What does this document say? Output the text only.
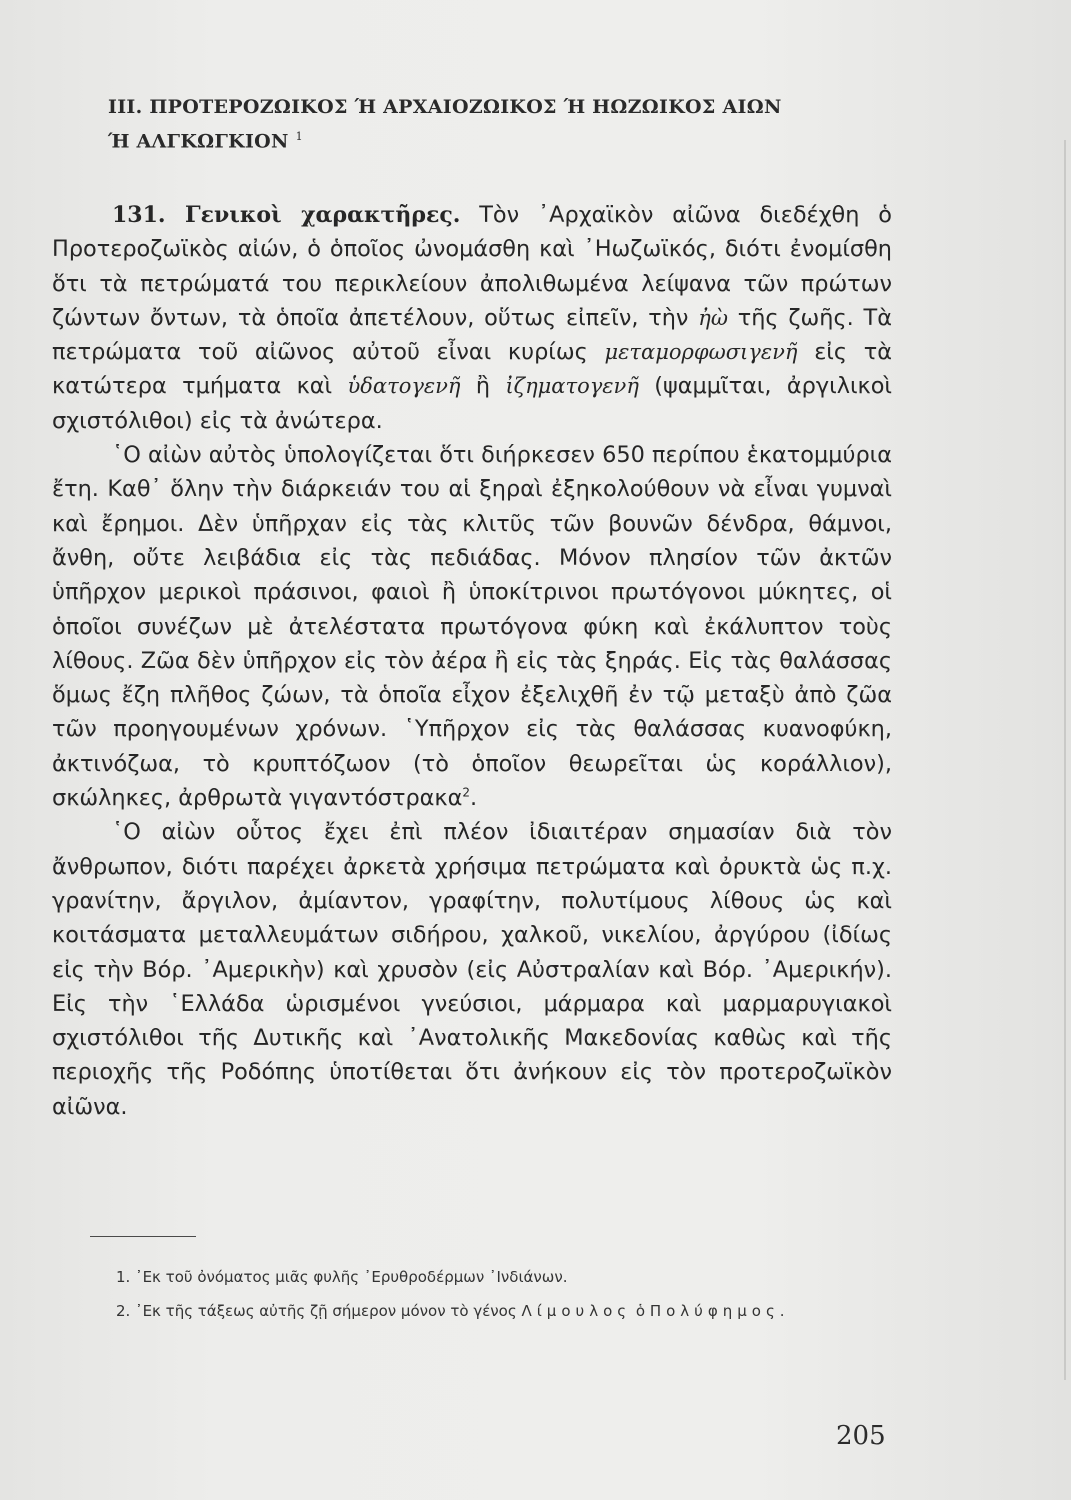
III. ΠΡΟΤΕΡΟΖΩΙΚΟΣ Ή ΑΡΧΑΙΟΖΩΙΚΟΣ Ή ΗΩΖΩΙΚΟΣ ΑΙΩΝ
Ή ΑΛΓΚΩΓΚΙΟΝ $^1$

131. Γενικοὶ χαρακτῆρες. Τὸν ᾽Αρχαϊκὸν αἰῶνα διεδέχθη ὁ Προτεροζωϊκὸς αἰών, ὁ ὁποῖος ὠνομάσθη καὶ ᾽Ηωζωϊκός, διότι ἐνομίσθη ὅτι τὰ πετρώματά του περικλείουν ἀπολιθωμένα λείψανα τῶν πρώτων ζώντων ὄντων, τὰ ὁποῖα ἀπετέλουν, οὕτως εἰπεῖν, τὴν ἠὼ τῆς ζωῆς. Τὰ πετρώματα τοῦ αἰῶνος αὐτοῦ εἶναι κυρίως μεταμορφωσιγενῆ εἰς τὰ κατώτερα τμήματα καὶ ὑδατογενῆ ἢ ἰζηματογενῆ (ψαμμῖται, ἀργιλικοὶ σχιστόλιθοι) εἰς τὰ ἀνώτερα.

῾Ο αἰὼν αὐτὸς ὑπολογίζεται ὅτι διήρκεσεν 650 περίπου ἑκατομμύρια ἔτη. Καθ᾽ ὅλην τὴν διάρκειάν του αἱ ξηραὶ ἐξηκολούθουν νὰ εἶναι γυμναὶ καὶ ἔρημοι. Δὲν ὑπῆρχαν εἰς τὰς κλιτῦς τῶν βουνῶν δένδρα, θάμνοι, ἄνθη, οὔτε λειβάδια εἰς τὰς πεδιάδας. Μόνον πλησίον τῶν ἀκτῶν ὑπῆρχον μερικοὶ πράσινοι, φαιοὶ ἢ ὑποκίτρινοι πρωτόγονοι μύκητες, οἱ ὁποῖοι συνέζων μὲ ἀτελέστατα πρωτόγονα φύκη καὶ ἐκάλυπτον τοὺς λίθους. Ζῶα δὲν ὑπῆρχον εἰς τὸν ἀέρα ἢ εἰς τὰς ξηράς. Εἰς τὰς θαλάσσας ὅμως ἔζη πλῆθος ζώων, τὰ ὁποῖα εἶχον ἐξελιχθῆ ἐν τῷ μεταξὺ ἀπὸ ζῶα τῶν προηγουμένων χρόνων. ῾Υπῆρχον εἰς τὰς θαλάσσας κυανοφύκη, ἀκτινόζωα, τὸ κρυπτόζωον (τὸ ὁποῖον θεωρεῖται ὡς κοράλλιον), σκώληκες, ἀρθρωτὰ γιγαντόστρακα$^2$.

῾Ο αἰὼν οὗτος ἔχει ἐπὶ πλέον ἰδιαιτέραν σημασίαν διὰ τὸν ἄνθρωπον, διότι παρέχει ἀρκετὰ χρήσιμα πετρώματα καὶ ὀρυκτὰ ὡς π.χ. γρανίτην, ἄργιλον, ἀμίαντον, γραφίτην, πολυτίμους λίθους ὡς καὶ κοιτάσματα μεταλλευμάτων σιδήρου, χαλκοῦ, νικελίου, ἀργύρου (ἰδίως εἰς τὴν Βόρ. ᾽Αμερικὴν) καὶ χρυσὸν (εἰς Αὐστραλίαν καὶ Βόρ. ᾽Αμερικήν). Εἰς τὴν ῾Ελλάδα ὡρισμένοι γνεύσιοι, μάρμαρα καὶ μαρμαρυγιακοὶ σχιστόλιθοι τῆς Δυτικῆς καὶ ᾽Ανατολικῆς Μακεδονίας καθὼς καὶ τῆς περιοχῆς τῆς Ροδόπης ὑποτίθεται ὅτι ἀνήκουν εἰς τὸν προτεροζωϊκὸν αἰῶνα.

1. ᾽Εκ τοῦ ὀνόματος μιᾶς φυλῆς ᾽Ερυθροδέρμων ᾽Ινδιάνων.
2. ᾽Εκ τῆς τάξεως αὐτῆς ζῇ σήμερον μόνον τὸ γένος Λίμουλος ὁ Πολύφημος.
205
